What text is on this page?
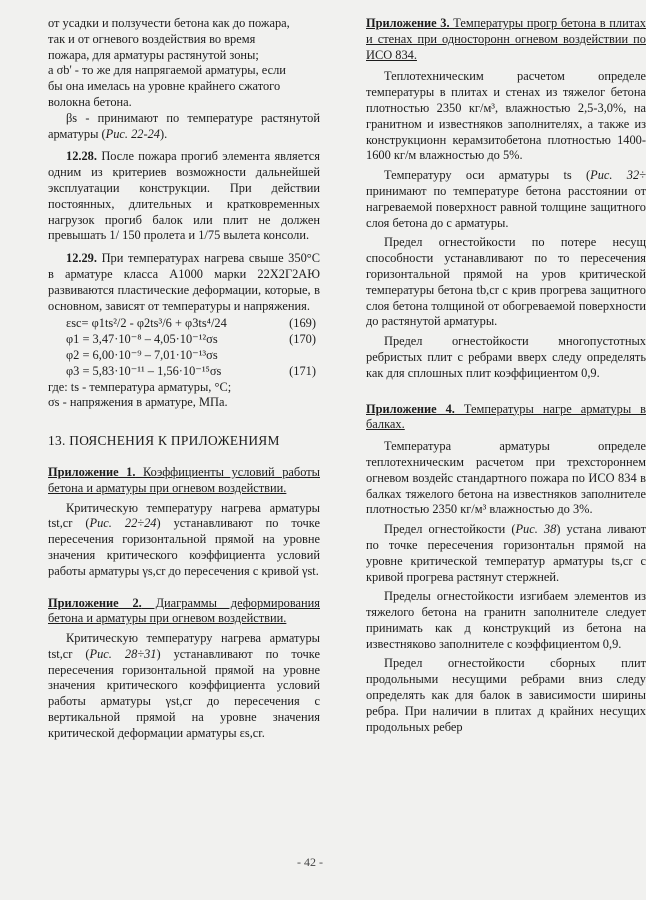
от усадки и ползучести бетона как до пожара,

так и от огневого воздействия во время

пожара, для арматуры растянутой зоны;

а σb' - то же для напрягаемой арматуры, если

бы она имелась на уровне крайнего сжатого

волокна бетона.

βs - принимают по температуре растянутой арматуры (Рис. 22-24).

12.28. После пожара прогиб элемента является одним из критериев возможности дальнейшей эксплуатации конструкции. При действии постоянных, длительных и кратковременных нагрузок прогиб балок или плит не должен превышать 1/ 150 пролета и 1/75 вылета консоли.

12.29. При температурах нагрева свыше 350°С в арматуре класса А1000 марки 22Х2Г2АЮ развиваются пластические деформации, которые, в основном, зависят от температуры и напряжения.

εsc= φ1ts²/2 - φ2ts³/6 + φ3ts⁴/24	(169)
φ1 = 3,47·10⁻⁸ – 4,05·10⁻¹²σs	(170)
φ2 = 6,00·10⁻⁹ – 7,01·10⁻¹³σs
φ3 = 5,83·10⁻¹¹ – 1,56·10⁻¹⁵σs	(171)

где: ts - температура арматуры, °С;

σs - напряжения в арматуре, МПа.

13. ПОЯСНЕНИЯ К ПРИЛОЖЕНИЯМ

Приложение 1. Коэффициенты условий работы бетона и арматуры при огневом воздействии.

Критическую температуру нагрева арматуры tst,cr (Рис. 22÷24) устанавливают по точке пересечения горизонтальной прямой на уровне значения критического коэффициента условий работы арматуры γs,cr до пересечения с кривой γst.

Приложение 2. Диаграммы деформирования бетона и арматуры при огневом воздействии.

Критическую температуру нагрева арматуры tst,cr (Рис. 28÷31) устанавливают по точке пересечения горизонтальной прямой на уровне значения критического коэффициента условий работы арматуры γst,cr до пересечения с вертикальной прямой на уровне значения критической деформации арматуры εs,cr.

Приложение 3. Температуры прогр бетона в плитах и стенах при односторонн огневом воздействии по ИСО 834.

Теплотехническим расчетом определе температуры в плитах и стенах из тяжелог бетона плотностью 2350 кг/м³, влажностью 2,5-3,0%, на гранитном и известняков заполнителях, а также из конструкционн керамзитобетона плотностью 1400-1600 кг/м влажностью до 5%.

Температуру оси арматуры ts (Рис. 32÷ принимают по температуре бетона расстоянии от нагреваемой поверхност равной толщине защитного слоя бетона до с арматуры.

Предел огнестойкости по потере несущ способности устанавливают по то пересечения горизонтальной прямой на уров критической температуры бетона tb,cr с крив прогрева защитного слоя бетона толщиной от обогреваемой поверхности до растянутой арматуры.

Предел огнестойкости многопустотных ребристых плит с ребрами вверх следу определять как для сплошных плит коэффициентом 0,9.

Приложение 4. Температуры нагре арматуры в балках.

Температура арматуры определе теплотехническим расчетом при трехстороннем огневом воздейс стандартного пожара по ИСО 834 в балках тяжелого бетона на известняков заполнителе плотностью 2350 кг/м³ влажностью до 3%.

Предел огнестойкости (Рис. 38) устана ливают по точке пересечения горизонтальн прямой на уровне критической температур арматуры ts,cr с кривой прогрева растянут стержней.

Пределы огнестойкости изгибаем элементов из тяжелого бетона на гранитн заполнителе следует принимать как д конструкций из бетона на известняково заполнителе с коэффициентом 0,9.

Предел огнестойкости сборных плит продольными несущими ребрами вниз следу определять как для балок в зависимости ширины ребра. При наличии в плитах д крайних несущих продольных ребер

- 42 -
